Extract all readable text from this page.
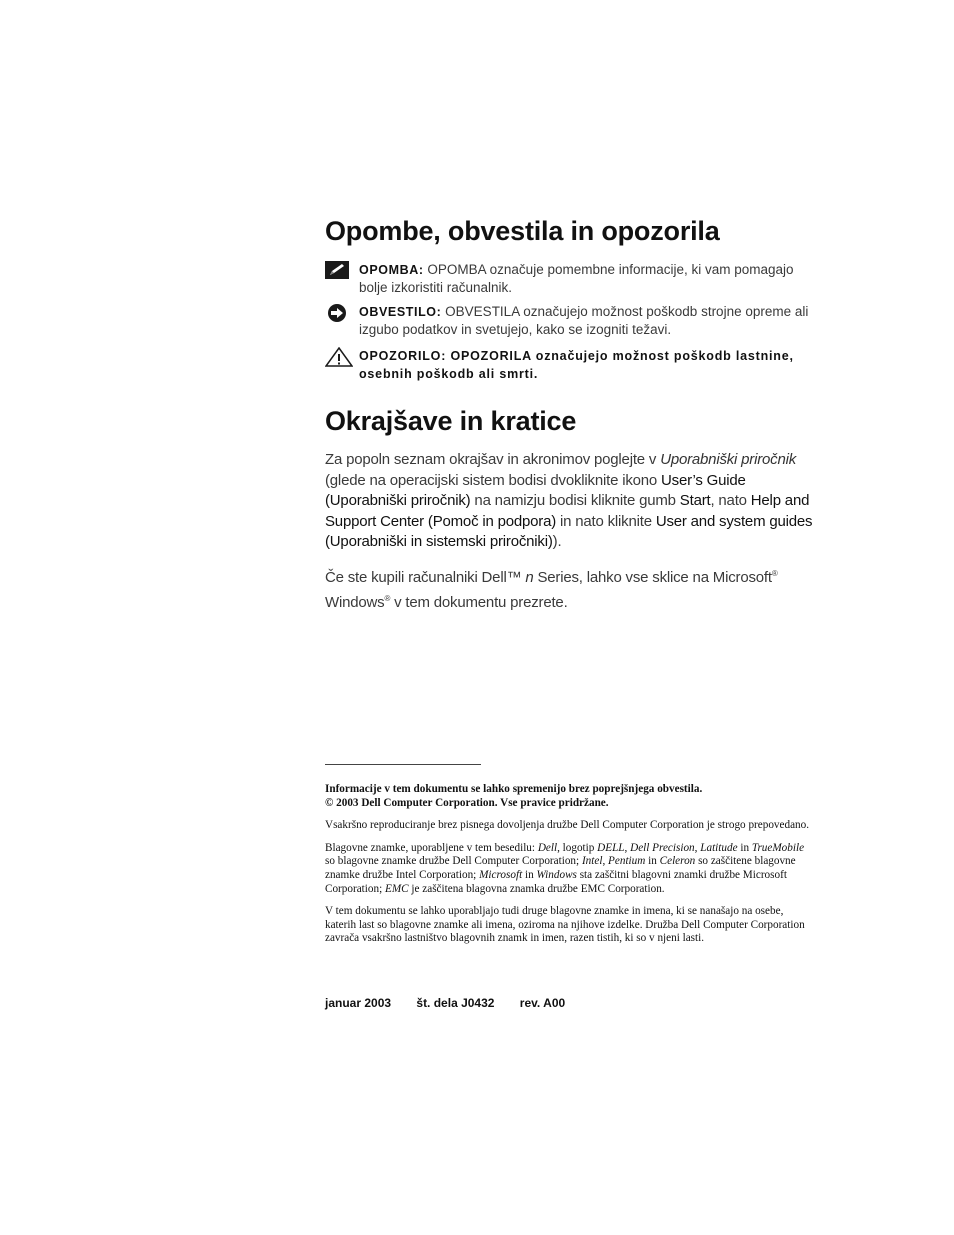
Opombe, obvestila in opozorila
OPOMBA: OPOMBA označuje pomembne informacije, ki vam pomagajo bolje izkoristiti računalnik.
OBVESTILO: OBVESTILA označujejo možnost poškodb strojne opreme ali izgubo podatkov in svetujejo, kako se izogniti težavi.
OPOZORILO: OPOZORILA označujejo možnost poškodb lastnine, osebnih poškodb ali smrti.
Okrajšave in kratice

Za popoln seznam okrajšav in akronimov poglejte v Uporabniški priročnik (glede na operacijski sistem bodisi dvokliknite ikono User’s Guide (Uporabniški priročnik) na namizju bodisi kliknite gumb Start, nato Help and Support Center (Pomoč in podpora) in nato kliknite User and system guides (Uporabniški in sistemski priročniki)).

Če ste kupili računalniki Dell™ n Series, lahko vse sklice na Microsoft® Windows® v tem dokumentu prezrete.

Informacije v tem dokumentu se lahko spremenijo brez poprejšnjega obvestila.
© 2003 Dell Computer Corporation. Vse pravice pridržane.

Vsakršno reproduciranje brez pisnega dovoljenja družbe Dell Computer Corporation je strogo prepovedano.

Blagovne znamke, uporabljene v tem besedilu: Dell, logotip DELL, Dell Precision, Latitude in TrueMobile so blagovne znamke družbe Dell Computer Corporation; Intel, Pentium in Celeron so zaščitene blagovne znamke družbe Intel Corporation; Microsoft in Windows sta zaščitni blagovni znamki družbe Microsoft Corporation; EMC je zaščitena blagovna znamka družbe EMC Corporation.

V tem dokumentu se lahko uporabljajo tudi druge blagovne znamke in imena, ki se nanašajo na osebe, katerih last so blagovne znamke ali imena, oziroma na njihove izdelke. Družba Dell Computer Corporation zavrača vsakršno lastništvo blagovnih znamk in imen, razen tistih, ki so v njeni lasti.

januar 2003 št. dela J0432 rev. A00
